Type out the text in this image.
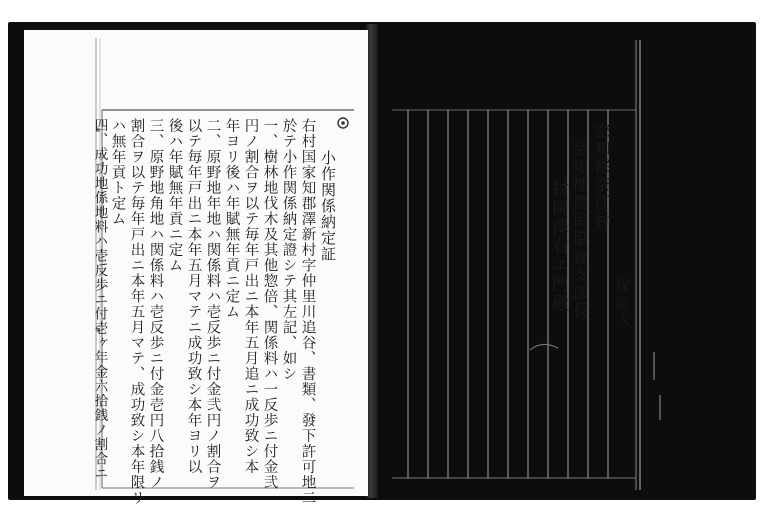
小作関係納定証
右村国家知郡澤新村字仲里川追谷、書類、發下許可地二
於テ小作関係納定證シテ其左記、如シ
一、樹林地伐木及其他惣倍、関係料ハ一反歩ニ付金弐
円ノ割合ヲ以テ毎年戸出ニ本年五月追ニ成功致シ本
年ヨリ後ハ年賦無年貢ニ定ム
二、原野地年地ハ関係料ハ壱反歩ニ付金弐円ノ割合ヲ
以テ毎年戸出ニ本年五月マテニ成功致シ本年ヨリ以
後ハ年賦無年貢ニ定ム
三、原野地角地ハ関係料ハ壱反歩ニ付金壱円八拾銭ノ
割合ヲ以テ毎年戸出ニ本年五月マテ、成功致シ本年限リ
ハ無年貢ト定ム
四、成功地係地料ハ壱反歩ニ付壱ヶ年金六拾銭ノ割合ニ	空知郡奈江村
空知郡農民協會支部長
村岡澤右エ門殿	保証人
